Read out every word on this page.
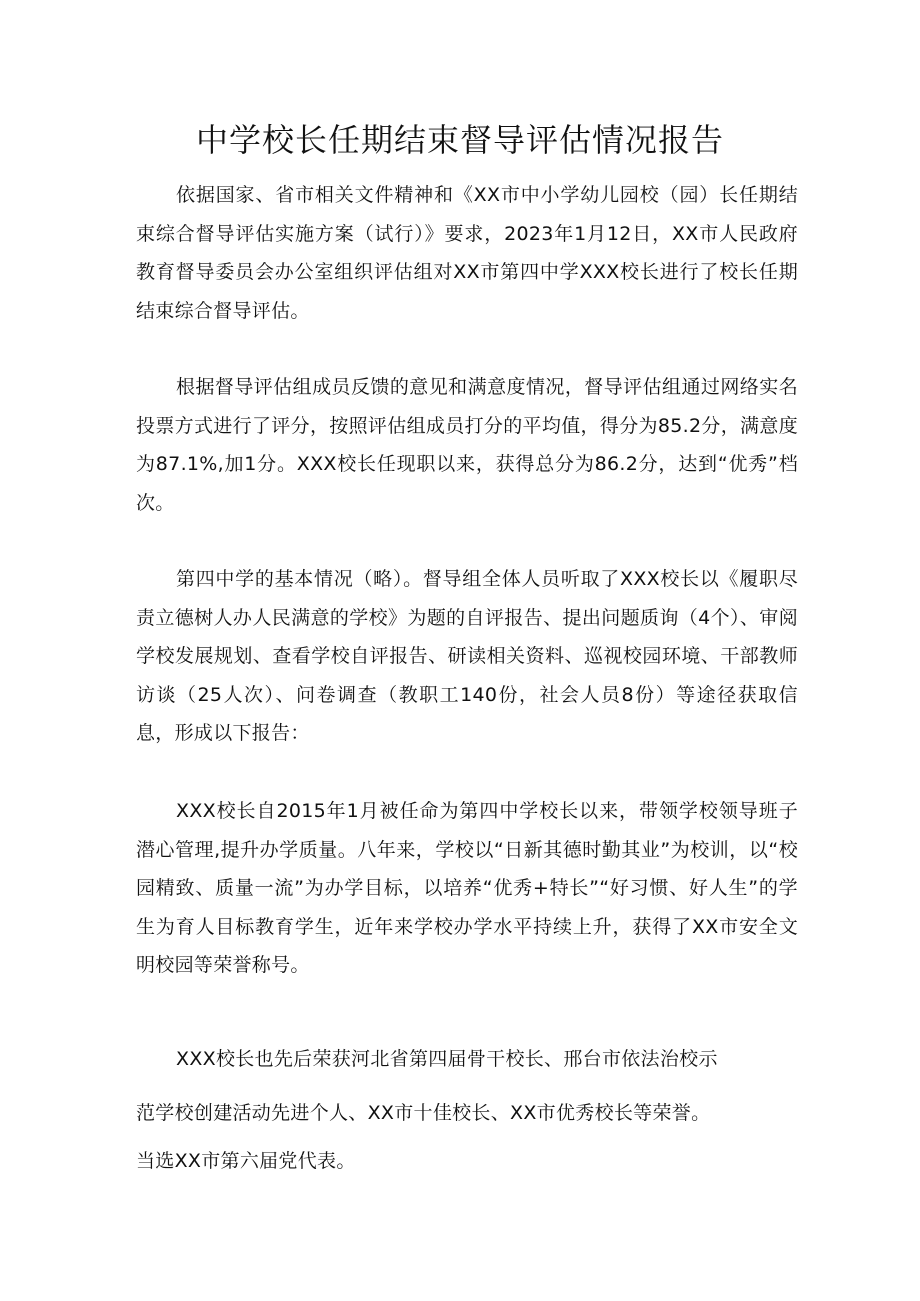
中学校长任期结束督导评估情况报告

依据国家、省市相关文件精神和《XX市中小学幼儿园校（园）长任期结束综合督导评估实施方案（试行）》要求，2023年1月12日，XX市人民政府教育督导委员会办公室组织评估组对XX市第四中学XXX校长进行了校长任期结束综合督导评估。

根据督导评估组成员反馈的意见和满意度情况，督导评估组通过网络实名投票方式进行了评分，按照评估组成员打分的平均值，得分为85.2分，满意度为87.1%,加1分。XXX校长任现职以来，获得总分为86.2分，达到“优秀”档次。

第四中学的基本情况（略）。督导组全体人员听取了XXX校长以《履职尽责立德树人办人民满意的学校》为题的自评报告、提出问题质询（4个）、审阅学校发展规划、查看学校自评报告、研读相关资料、巡视校园环境、干部教师访谈（25人次）、问卷调查（教职工140份，社会人员8份）等途径获取信息，形成以下报告：

XXX校长自2015年1月被任命为第四中学校长以来，带领学校领导班子潜心管理,提升办学质量。八年来，学校以“日新其德时勤其业”为校训，以“校园精致、质量一流”为办学目标，以培养“优秀+特长”“好习惯、好人生”的学生为育人目标教育学生，近年来学校办学水平持续上升，获得了XX市安全文明校园等荣誉称号。

XXX校长也先后荣获河北省第四届骨干校长、邢台市依法治校示

范学校创建活动先进个人、XX市十佳校长、XX市优秀校长等荣誉。

当选XX市第六届党代表。
